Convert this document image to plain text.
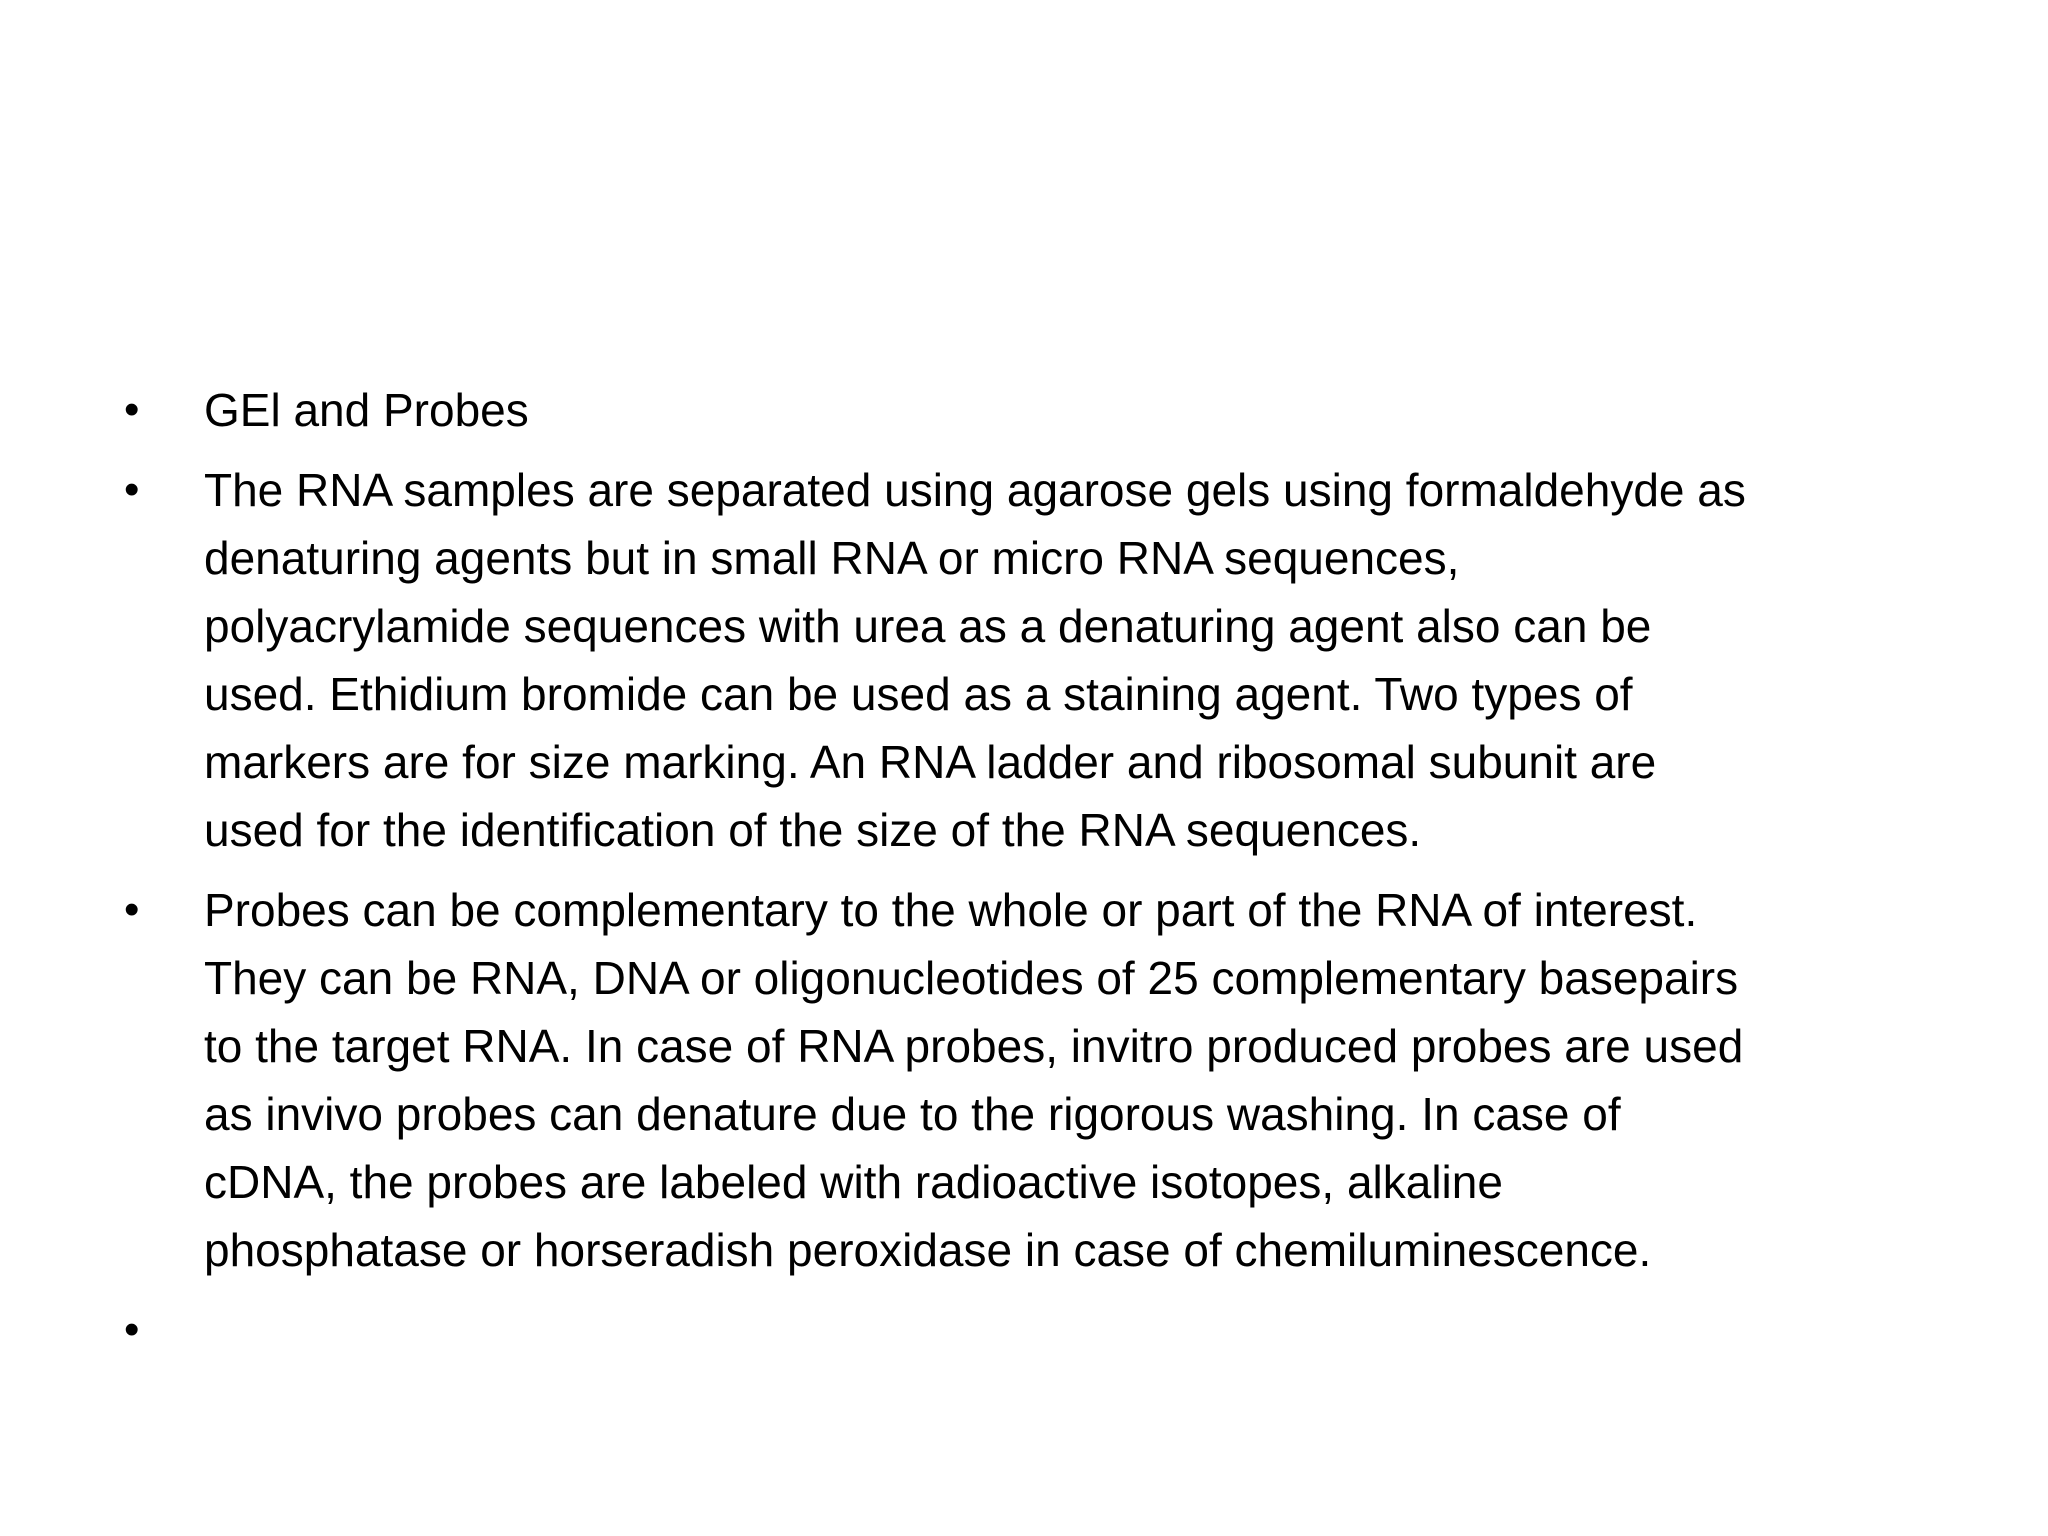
•	GEl and Probes
•	The RNA samples are separated using agarose gels using formaldehyde as
denaturing agents but in small RNA or micro RNA sequences,
polyacrylamide sequences with urea as a denaturing agent also can be
used. Ethidium bromide can be used as a staining agent. Two types of
markers are for size marking. An RNA ladder and ribosomal subunit are
used for the identification of the size of the RNA sequences.
•	Probes can be complementary to the whole or part of the RNA of interest.
They can be RNA, DNA or oligonucleotides of 25 complementary basepairs
to the target RNA. In case of RNA probes, invitro produced probes are used
as invivo probes can denature due to the rigorous washing. In case of
cDNA, the probes are labeled with radioactive isotopes, alkaline
phosphatase or horseradish peroxidase in case of chemiluminescence.
•
